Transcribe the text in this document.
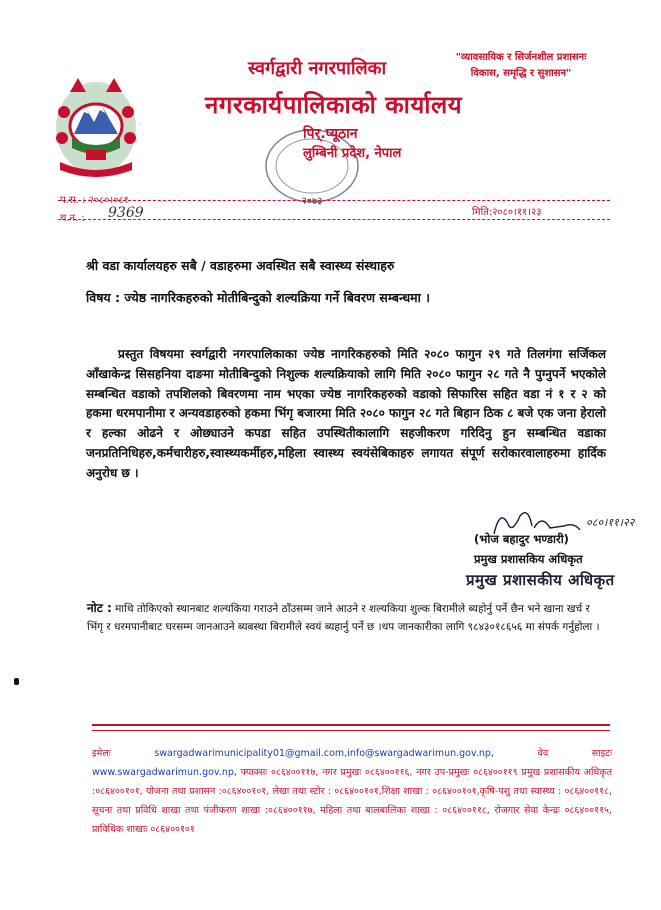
स्वर्गद्वारी नगरपालिका
नगरकार्यपालिकाको कार्यालय
"व्यावसायिक र सिर्जनशील प्रशासनः
विकास, समृद्धि र सुशासन"
२०७३
पिर्.प्यूठान
लुम्बिनी प्रदेश, नेपाल
प.स. : २०८०।०८१
च.न. : 9369	मिति:२०८०।११।२३
श्री वडा कार्यालयहरु सबै / वडाहरुमा अवस्थित सबै स्वास्थ्य संस्थाहरु
विषय : ज्येष्ठ नागरिकहरुको मोतीबिन्दुको शल्यक्रिया गर्ने बिवरण सम्बन्धमा ।
प्रस्तुत विषयमा स्वर्गद्वारी नगरपालिकाका ज्येष्ठ नागरिकहरुको मिति २०८० फागुन २९ गते तिलगंगा सर्जिकल आँखाकेन्द्र सिसहनिया दाङमा मोतीबिन्दुको निशुल्क शल्यक्रियाको लागि मिति २०८० फागुन २८ गते नै पुग्नुपर्ने भएकोले सम्बन्धित वडाको तपशिलको बिवरणमा नाम भएका ज्येष्ठ नागरिकहरुको वडाको सिफारिस सहित वडा नं १ र २ को हकमा धरमपानीमा र अन्यवडाहरुको हकमा भिंगृ बजारमा मिति २०८० फागुन २८ गते बिहान ठिक ८ बजे एक जना हेरालो र हल्का ओढने र ओछ्याउने कपडा सहित उपस्थितीकालागि सहजीकरण गरिदिनु हुन सम्बन्धित वडाका जनप्रतिनिधिहरु,कर्मचारीहरु,स्वास्थ्यकर्मीहरु,महिला स्वास्थ्य स्वयंसेबिकाहरु लगायत संपूर्ण सरोकारवालाहरुमा हार्दिक अनुरोध छ ।
०८०।११।२२
(भोज बहादुर भण्डारी)
प्रमुख प्रशासकिय अधिकृत
प्रमुख प्रशासकीय अधिकृत
नोट : माथि तोकिएको स्थानबाट शल्यकिया गराउने ठाँउसम्म जाने आउने र शल्यकिया शुल्क बिरामीले ब्यहोर्नु पर्ने छैन भने खाना खर्च र भिंगृ र धरमपानीबाट घरसम्म जानआउने ब्यबस्था बिरामीले स्वयं ब्यहार्नु पर्ने छ ।थप जानकारीका लागि ९८४३०१८६५६ मा संपर्क गर्नुहोला ।
इमेलः	swargadwarimunicipality01@gmail.com,info@swargadwarimun.gov.np,	वेव साइटः www.swargadwarimun.gov.np, फ्याक्सः ०८६४००११७, नगर प्रमुखः ०८६४००११६, नगर उप-प्रमुखः ०८६४००११९ प्रमुख प्रशासकीय अधिकृत :०८६४००१०१, योजना तथा प्रशासन :०८६४००१०१, लेखा तथा स्टोर : ०८६४००१०१,शिक्षा शाखा : ०८६४००१०१,कृषि-पशु तथा स्वास्थ्य : ०८६४००११८, सूचना तथा प्रविधि शाखा तथा पंजीकरण शाखा :०८६४००११७, महिला तथा बालबालिका शाखा : ०८६४००११८, रोजगार सेवा केन्द्रः ०८६४००११५, प्राविधिक शाखाः ०८६४००१०१
